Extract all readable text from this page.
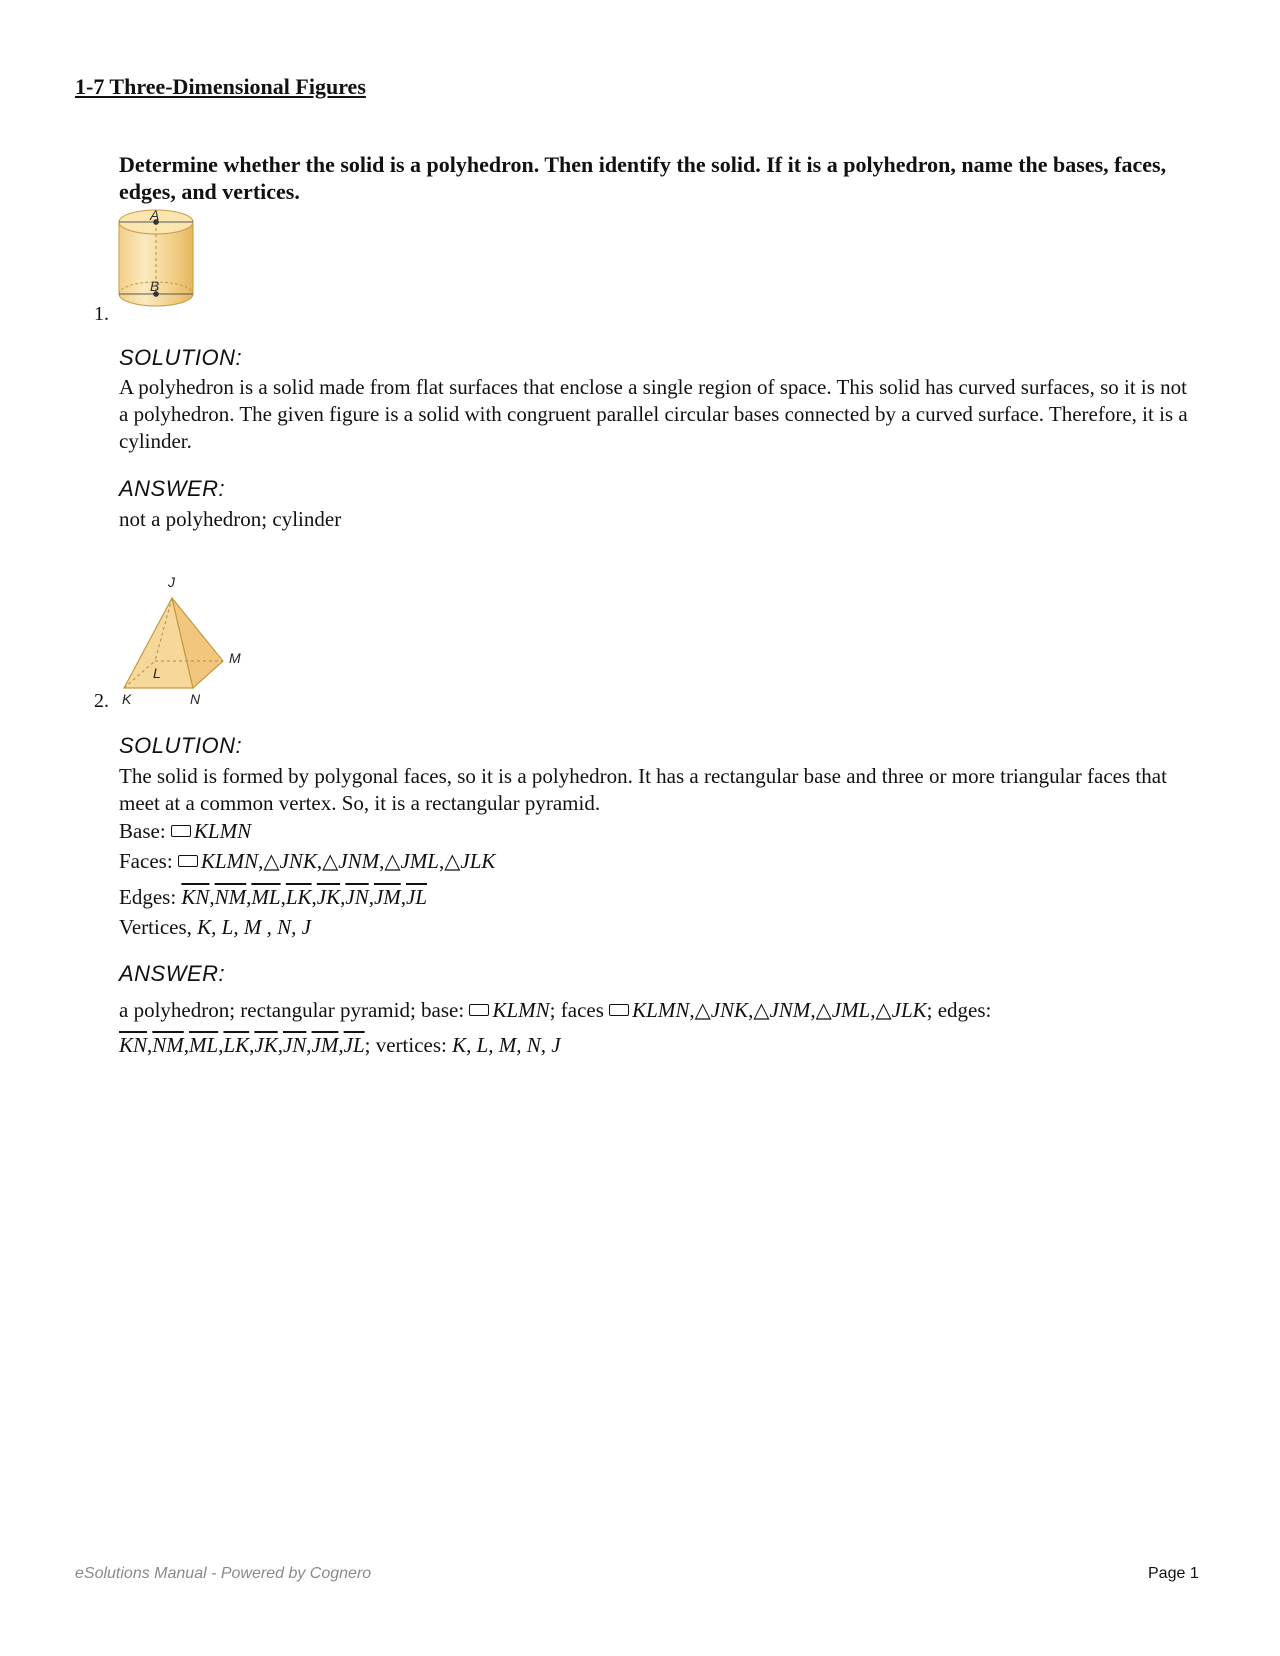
1-7 Three-Dimensional Figures
Determine whether the solid is a polyhedron. Then identify the solid. If it is a polyhedron, name the bases, faces, edges, and vertices.
A
B
1.
SOLUTION:
A polyhedron is a solid made from flat surfaces that enclose a single region of space. This solid has curved surfaces, so it is not a polyhedron. The given figure is a solid with congruent parallel circular bases connected by a curved surface. Therefore, it is a cylinder.
ANSWER:
not a polyhedron; cylinder
J
M
L
K	N
2.
SOLUTION:
The solid is formed by polygonal faces, so it is a polyhedron. It has a rectangular base and three or more triangular faces that meet at a common vertex. So, it is a rectangular pyramid.
Base: KLMN
Faces: KLMN,△JNK,△JNM,△JML,△JLK
Edges: $\overline{KN},\overline{NM},\overline{ML},\overline{LK},\overline{JK},\overline{JN},\overline{JM},\overline{JL}$
Vertices, K, L, M , N, J
ANSWER:
a polyhedron; rectangular pyramid; base: KLMN; faces KLMN,△JNK,△JNM,△JML,△JLK; edges:
$\overline{KN},\overline{NM},\overline{ML},\overline{LK},\overline{JK},\overline{JN},\overline{JM},\overline{JL}$; vertices: K, L, M, N, J
eSolutions Manual - Powered by Cognero	Page 1
